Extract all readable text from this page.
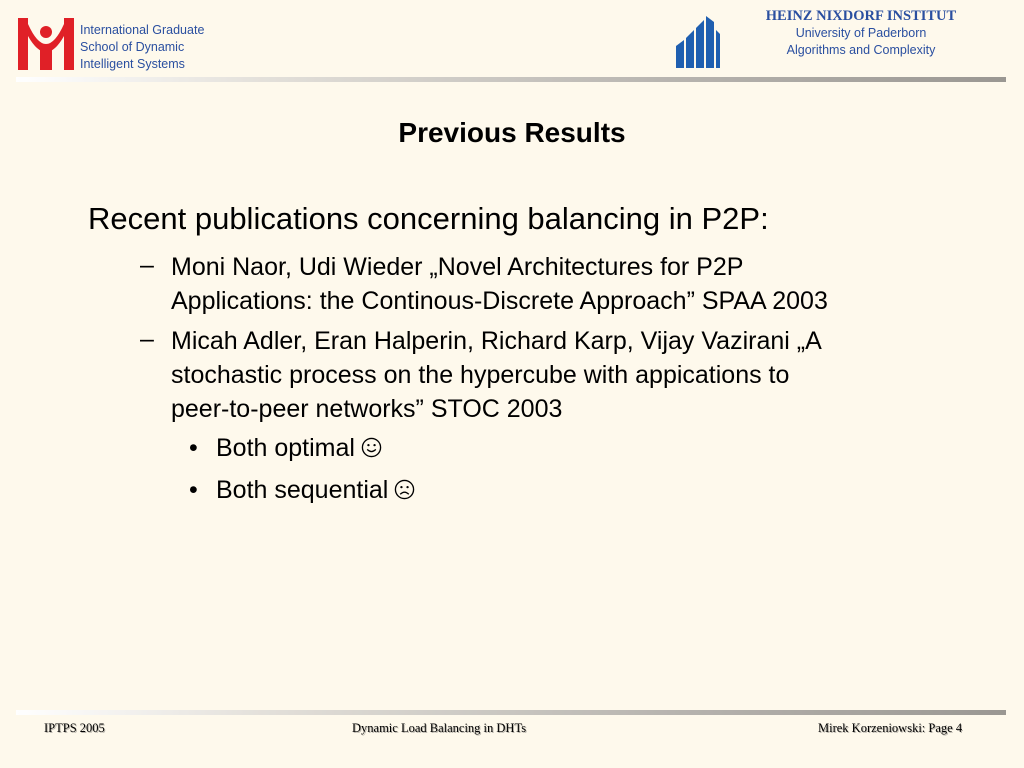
International Graduate
School of Dynamic
Intelligent Systems
HEINZ NIXDORF INSTITUT
University of Paderborn
Algorithms and Complexity
Previous Results
Recent publications concerning balancing in P2P:
– Moni Naor, Udi Wieder „Novel Architectures for P2P
Applications: the Continous-Discrete Approach” SPAA 2003
– Micah Adler, Eran Halperin, Richard Karp, Vijay Vazirani „A
stochastic process on the hypercube with appications to
peer-to-peer networks” STOC 2003
• Both optimal
• Both sequential
IPTPS 2005	Dynamic Load Balancing in DHTs	Mirek Korzeniowski: Page 4
